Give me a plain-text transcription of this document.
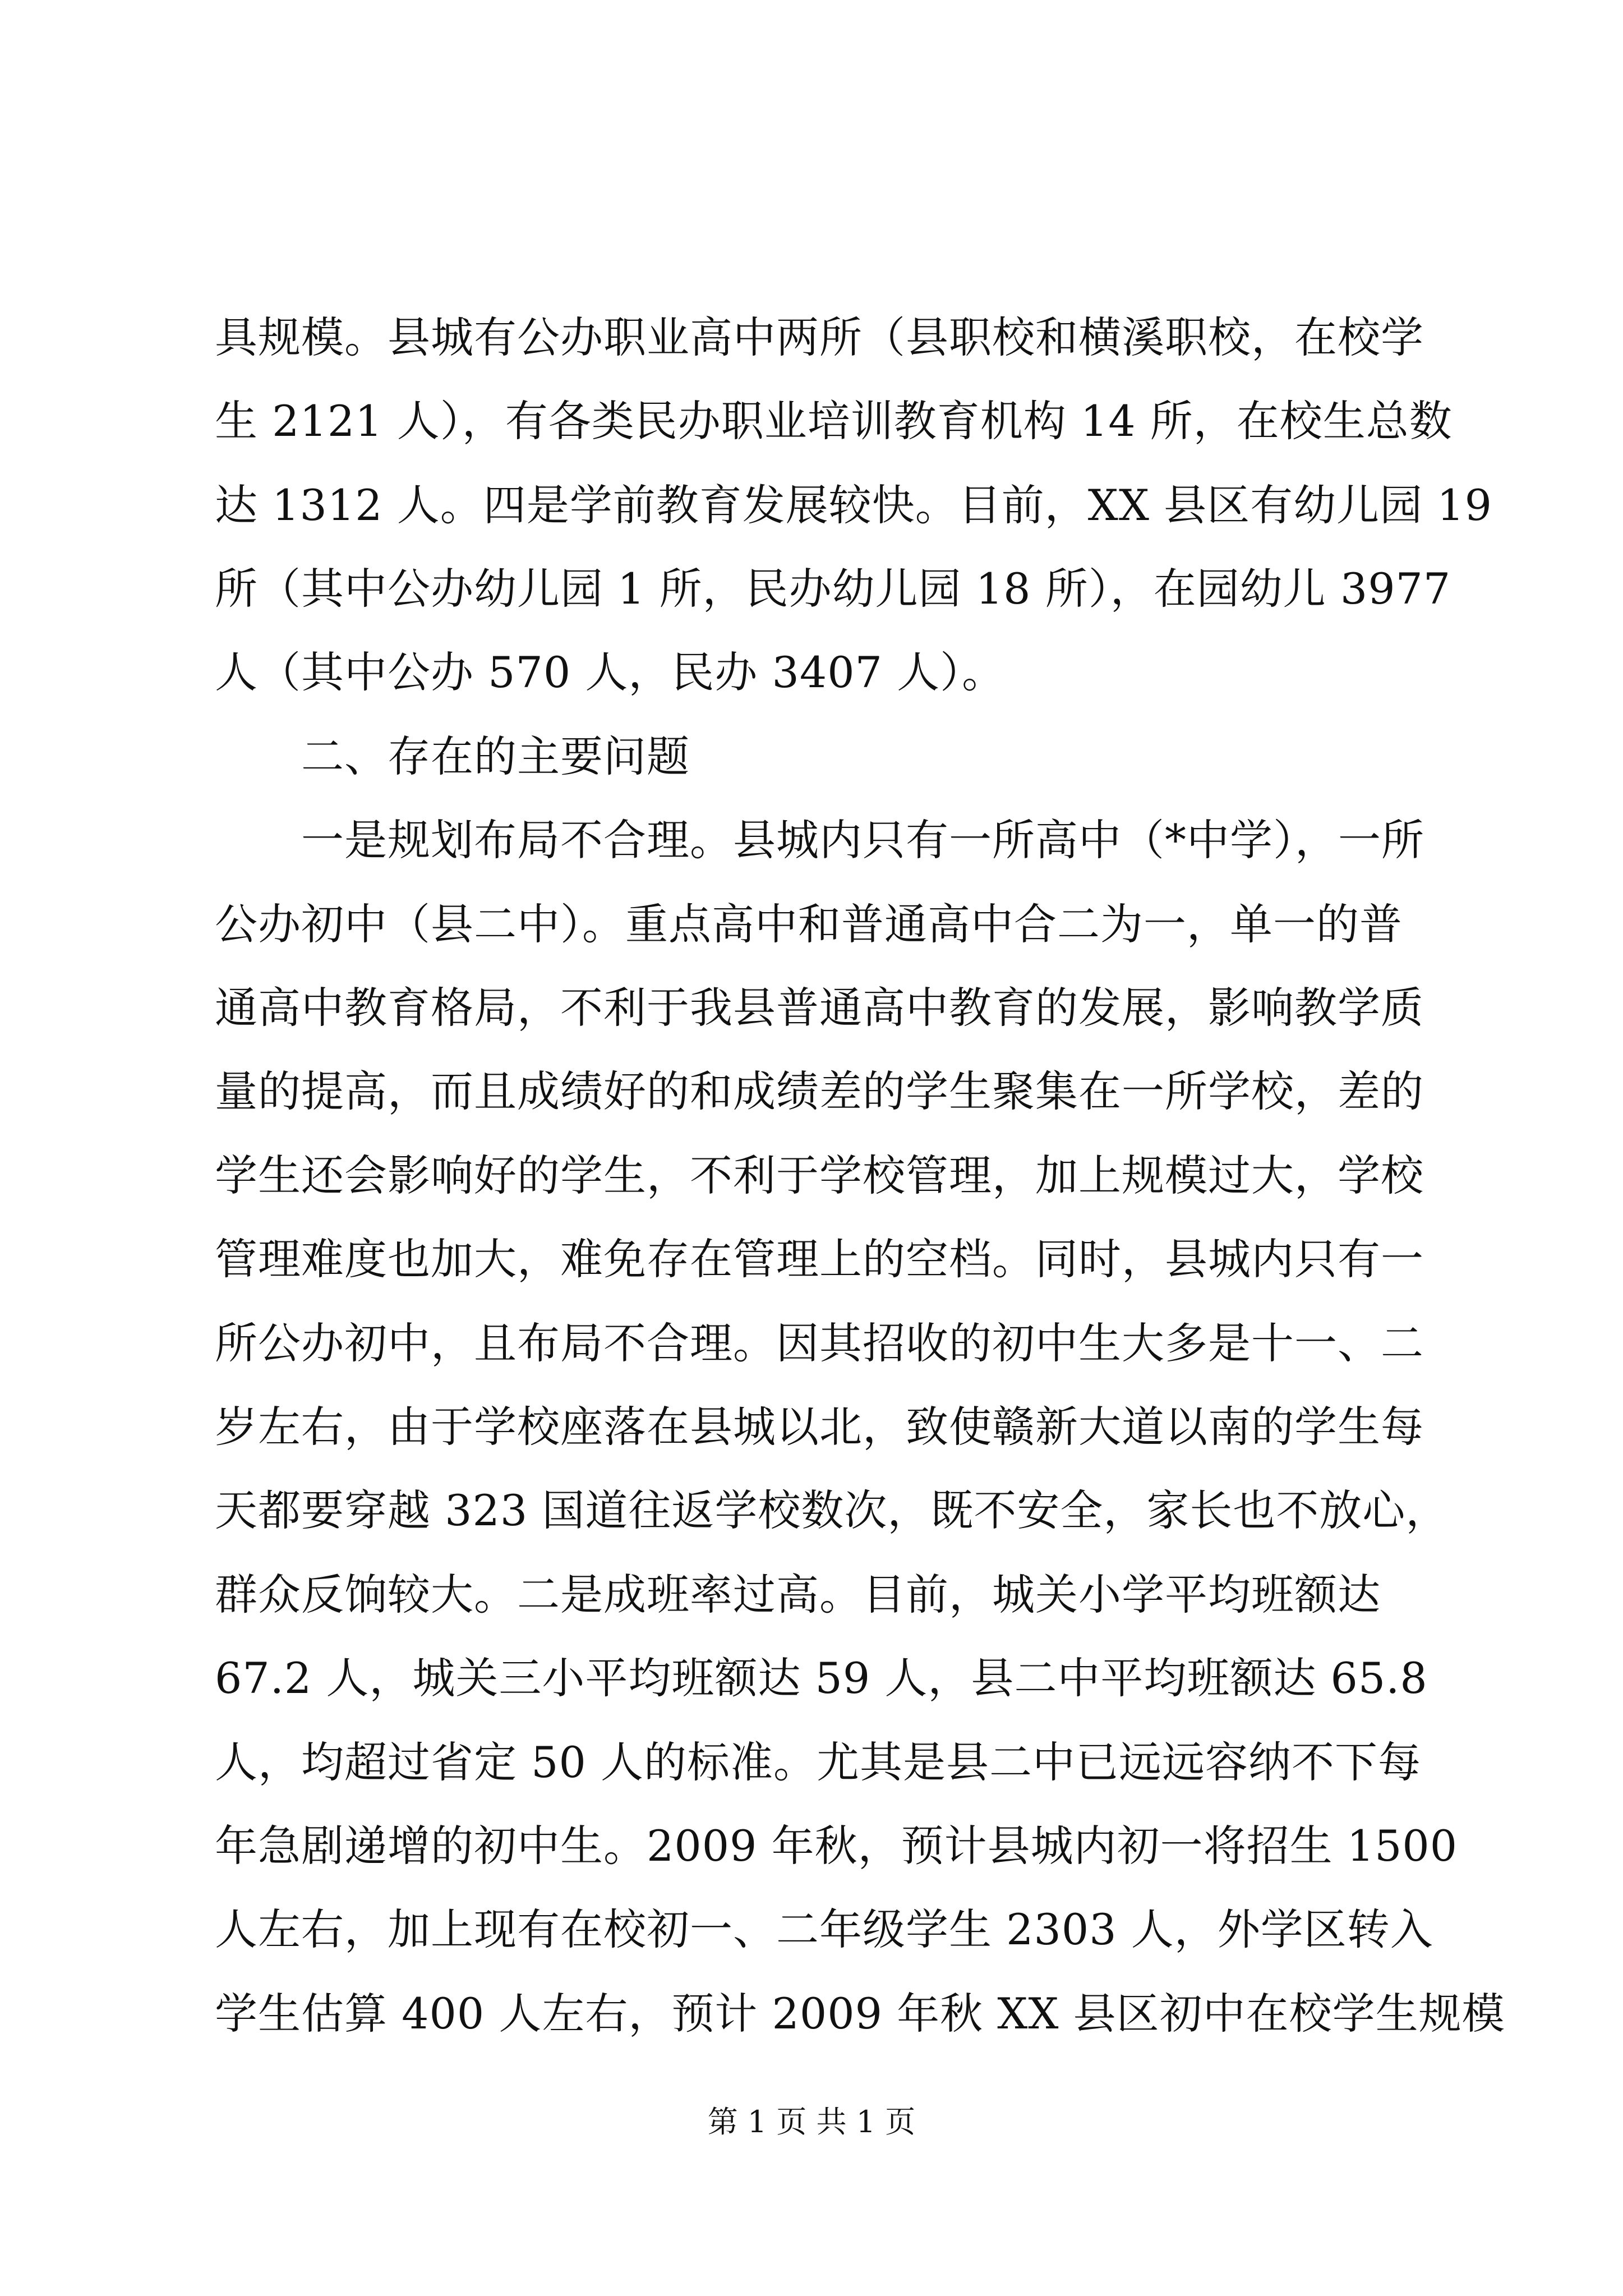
具规模。县城有公办职业高中两所（县职校和横溪职校，在校学
生 2121 人），有各类民办职业培训教育机构 14 所，在校生总数
达 1312 人。四是学前教育发展较快。目前，XX 县区有幼儿园 19
所（其中公办幼儿园 1 所，民办幼儿园 18 所），在园幼儿 3977
人（其中公办 570 人，民办 3407 人）。
　　二、存在的主要问题
　　一是规划布局不合理。县城内只有一所高中（*中学），一所
公办初中（县二中）。重点高中和普通高中合二为一，单一的普
通高中教育格局，不利于我县普通高中教育的发展，影响教学质
量的提高，而且成绩好的和成绩差的学生聚集在一所学校，差的
学生还会影响好的学生，不利于学校管理，加上规模过大，学校
管理难度也加大，难免存在管理上的空档。同时，县城内只有一
所公办初中，且布局不合理。因其招收的初中生大多是十一、二
岁左右，由于学校座落在县城以北，致使赣新大道以南的学生每
天都要穿越 323 国道往返学校数次，既不安全，家长也不放心，
群众反饷较大。二是成班率过高。目前，城关小学平均班额达
67.2 人，城关三小平均班额达 59 人，县二中平均班额达 65.8
人，均超过省定 50 人的标准。尤其是县二中已远远容纳不下每
年急剧递增的初中生。2009 年秋，预计县城内初一将招生 1500
人左右，加上现有在校初一、二年级学生 2303 人，外学区转入
学生估算 400 人左右，预计 2009 年秋 XX 县区初中在校学生规模
第 1 页 共 1 页
